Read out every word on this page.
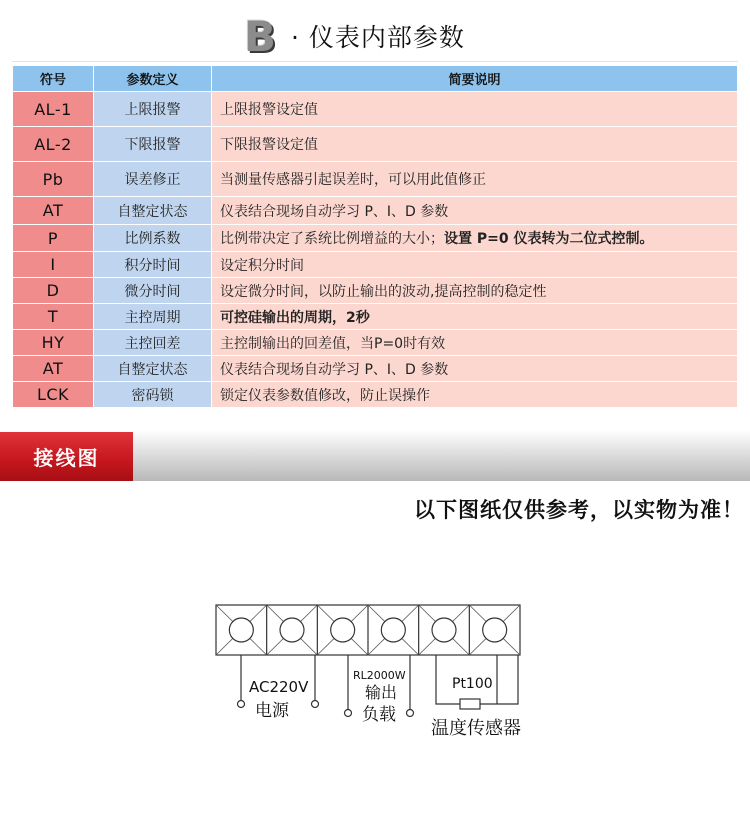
B · 仪表内部参数
符号	参数定义	简要说明
AL-1	上限报警	上限报警设定值
AL-2	下限报警	下限报警设定值
Pb	误差修正	当测量传感器引起误差时，可以用此值修正
AT	自整定状态	仪表结合现场自动学习 P、I、D 参数
P	比例系数	比例带决定了系统比例增益的大小；设置 P=0 仪表转为二位式控制。
I	积分时间	设定积分时间
D	微分时间	设定微分时间，以防止输出的波动,提高控制的稳定性
T	主控周期	可控硅输出的周期，2秒
HY	主控回差	主控制输出的回差值，当P=0时有效
AT	自整定状态	仪表结合现场自动学习 P、I、D 参数
LCK	密码锁	锁定仪表参数值修改，防止误操作
接线图
以下图纸仅供参考，以实物为准！
AC220V
电源
RL2000W
输出
负载
Pt100
温度传感器
